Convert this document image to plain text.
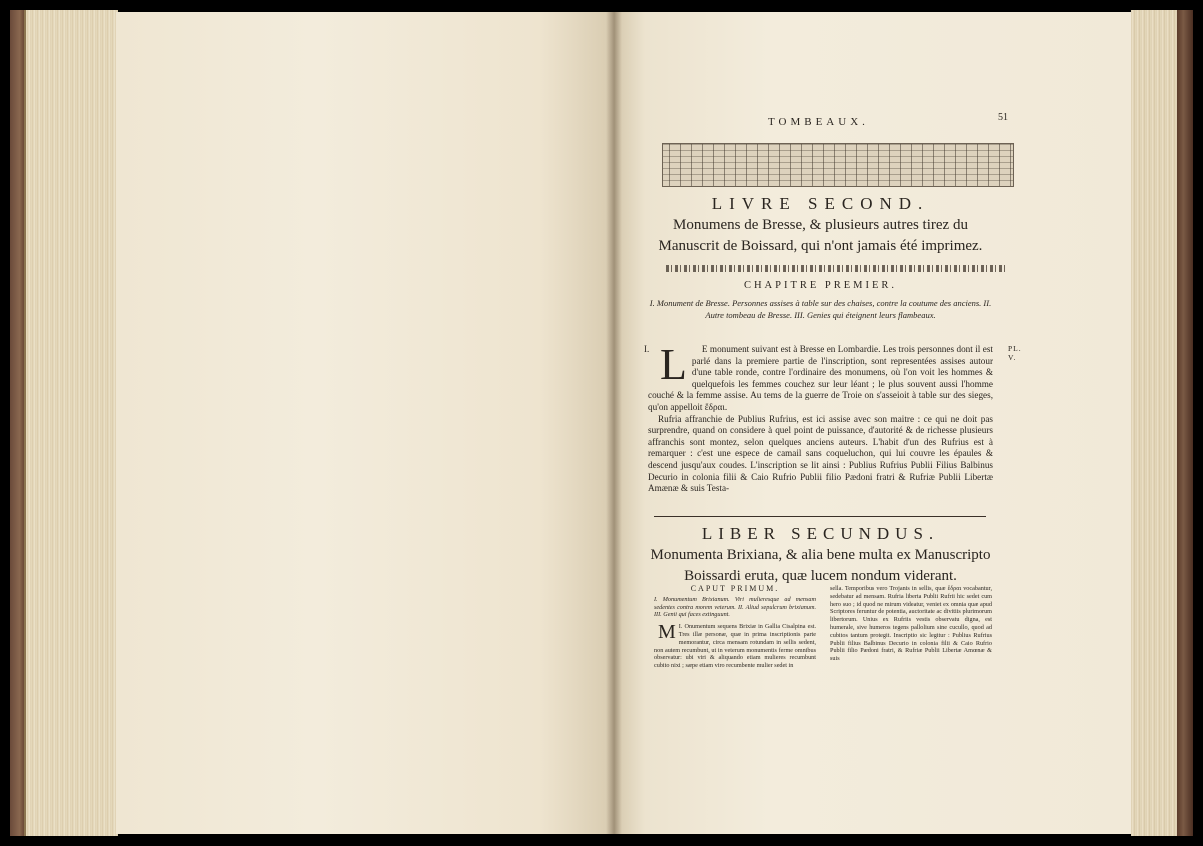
TOMBEAUX.	51
LIVRE SECOND.
Monumens de Bresse, & plusieurs autres tirez du Manuscrit de Boissard, qui n'ont jamais été imprimez.
CHAPITRE PREMIER.
I. Monument de Bresse. Personnes assises à table sur des chaises, contre la coutume des anciens. II. Autre tombeau de Bresse. III. Genies qui éteignent leurs flambeaux.
I.	PL. V.
L	E monument suivant est à Bresse en Lombardie. Les trois personnes dont il est parlé dans la premiere partie de l'inscription, sont representées assises autour d'une table ronde, contre l'ordinaire des monumens, où l'on voit les hommes & quelquefois les femmes couchez sur leur léant ; le plus souvent aussi l'homme couché & la femme assise. Au tems de la guerre de Troie on s'asseioit à table sur des sieges, qu'on appelloit ἕδραι.

Rufria affranchie de Publius Rufrius, est ici assise avec son maitre : ce qui ne doit pas surprendre, quand on considere à quel point de puissance, d'autorité & de richesse plusieurs affranchis sont montez, selon quelques anciens auteurs. L'habit d'un des Rufrius est à remarquer : c'est une espece de camail sans coqueluchon, qui lui couvre les épaules & descend jusqu'aux coudes. L'inscription se lit ainsi : Publius Rufrius Publii Filius Balbinus Decurio in colonia filii & Caio Rufrio Publii filio Pædoni fratri & Rufriæ Publii Libertæ Amænæ & suis Testa-

LIBER SECUNDUS.
Monumenta Brixiana, & alia bene multa ex Manuscripto Boissardi eruta, quæ lucem nondum viderant.
CAPUT PRIMUM.
I. Monumentum Brixianum. Viri mulieresque ad mensam sedentes contra morem veterum. II. Aliud sepulcrum brixianum. III. Genii qui faces extinguunt.

I.
M Onumentum sequens Brixiæ in Gallia Cisalpina est. Tres illæ personæ, quæ in prima inscriptionis parte memorantur, circa mensam rotundam in sellis sedent, non autem recumbunt, ut in veterum monumentis ferme omnibus observatur: ubi viri & aliquando etiam mulieres recumbunt cubito nixi ; sæpe etiam viro recumbente mulier sedet in

sella. Temporibus vero Trojanis in sellis, quæ ἕδραι vocabantur, sedebatur ad mensam. Rufria liberta Publii Rufrii hic sedet cum hero suo ; id quod ne mirum videatur, veniet ex omnia quæ apud Scriptores feruntur de potentia, auctoritate ac divitiis plurimorum libertorum. Unius ex Rufriis vestis observatu digna, est humerale, sive humeros tegens pallolium sine cucullo, quod ad cubitos tantum protegit. Inscriptio sic legitur : Publius Rufrius Publii filius Balbinus Decurio in colonia filii & Caio Rufrio Publii filio Pædoni fratri, & Rufriæ Publii Libertæ Amœnæ & suis
